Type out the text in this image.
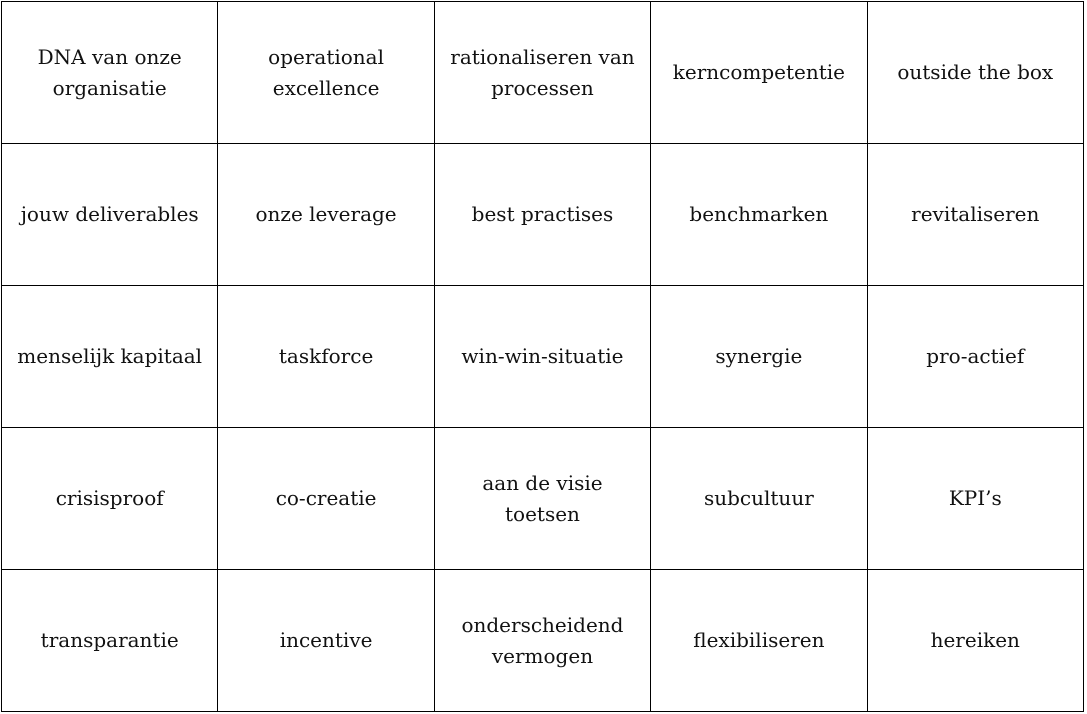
DNA van onze organisatie	operational excellence	rationaliseren van processen	kerncompetentie	outside the box
jouw deliverables	onze leverage	best practises	benchmarken	revitaliseren
menselijk kapitaal	taskforce	win-win-situatie	synergie	pro-actief
crisisproof	co-creatie	aan de visie toetsen	subcultuur	KPI’s
transparantie	incentive	onderscheidend vermogen	flexibiliseren	hereiken
